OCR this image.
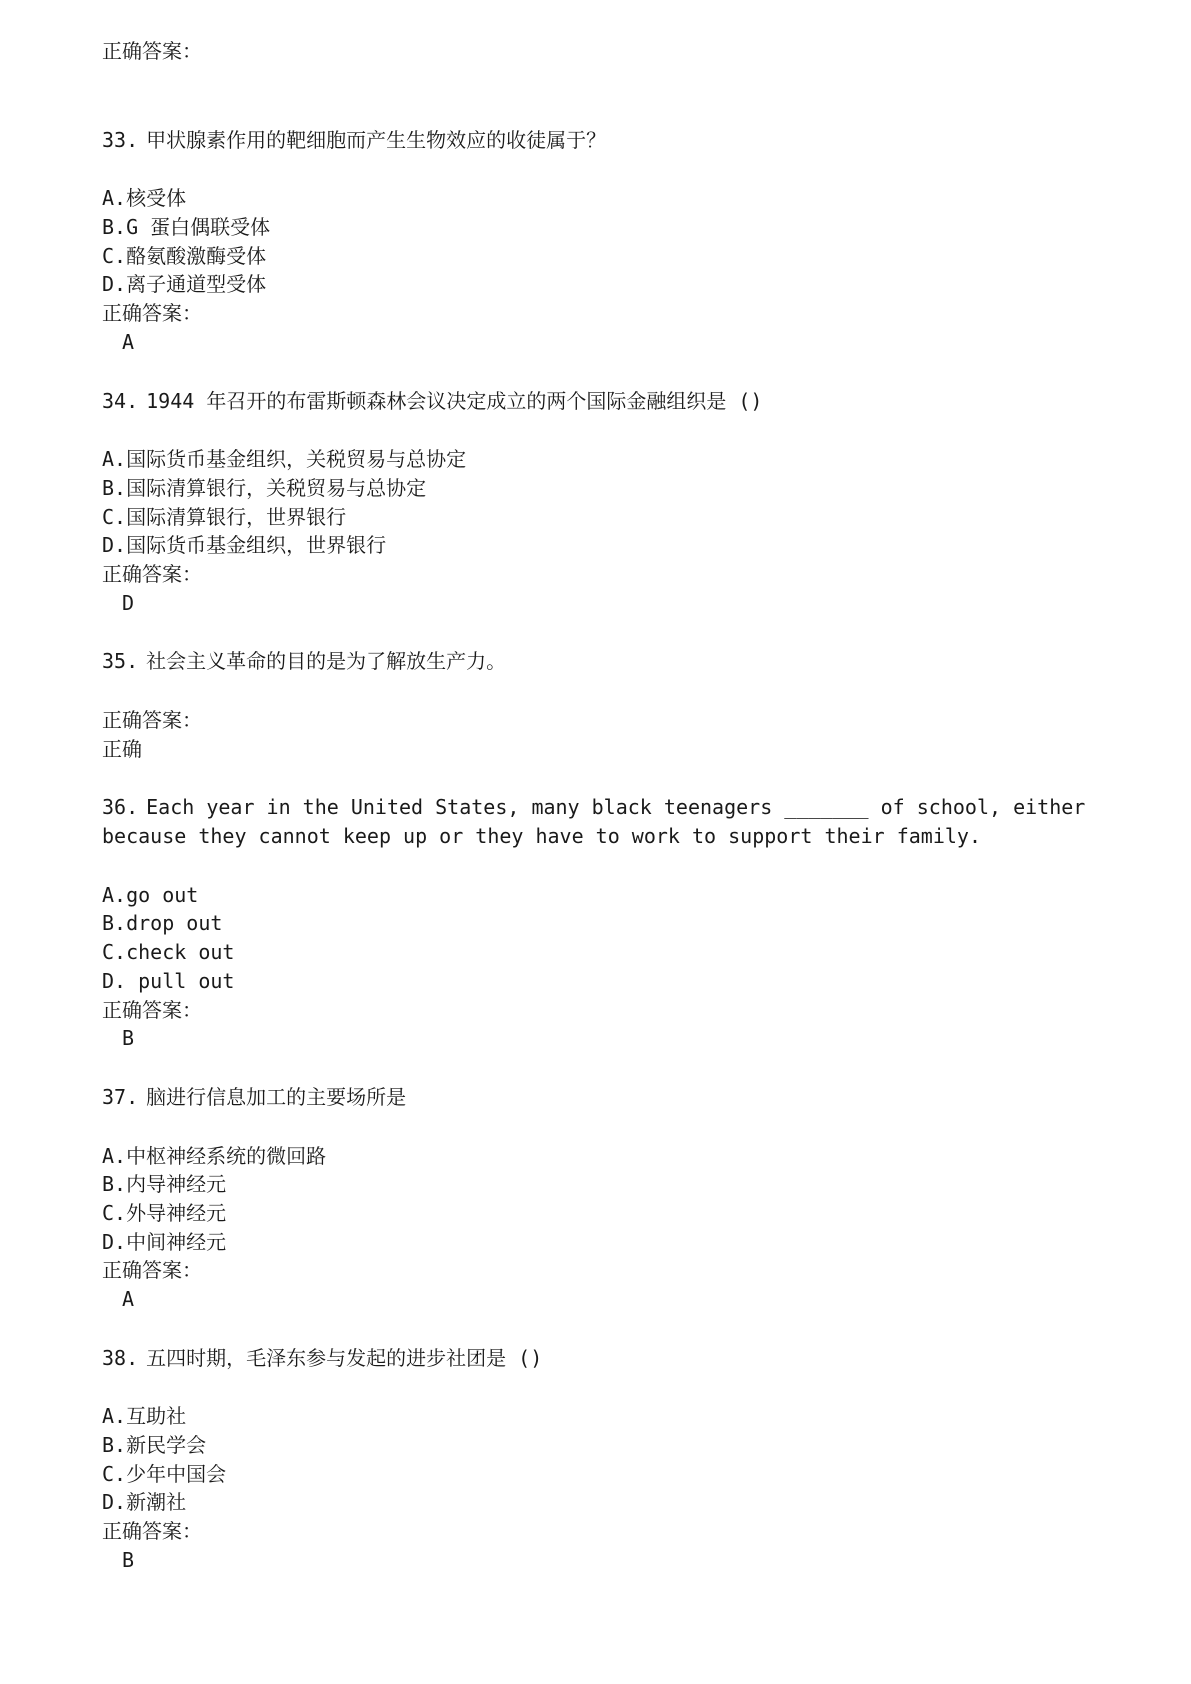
正确答案：
33. 甲状腺素作用的靶细胞而产生生物效应的收徒属于？
A.核受体
B.G 蛋白偶联受体
C.酪氨酸激酶受体
D.离子通道型受体
正确答案：
A
34. 1944 年召开的布雷斯顿森林会议决定成立的两个国际金融组织是 ()
A.国际货币基金组织，关税贸易与总协定
B.国际清算银行，关税贸易与总协定
C.国际清算银行，世界银行
D.国际货币基金组织，世界银行
正确答案：
D
35. 社会主义革命的目的是为了解放生产力。
正确答案：
正确
36. Each year in the United States, many black teenagers _______ of school, either because they cannot keep up or they have to work to support their family.
A.go out
B.drop out
C.check out
D. pull out
正确答案：
B
37. 脑进行信息加工的主要场所是
A.中枢神经系统的微回路
B.内导神经元
C.外导神经元
D.中间神经元
正确答案：
A
38. 五四时期，毛泽东参与发起的进步社团是 ()
A.互助社
B.新民学会
C.少年中国会
D.新潮社
正确答案：
B
